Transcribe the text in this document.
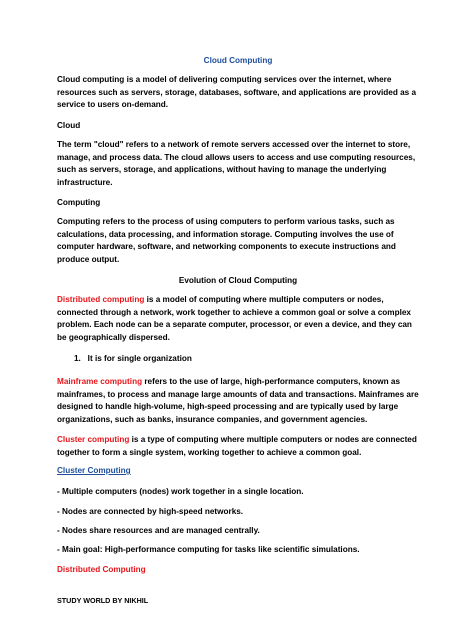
Cloud Computing

Cloud computing is a model of delivering computing services over the internet, where resources such as servers, storage, databases, software, and applications are provided as a service to users on-demand.

Cloud

The term "cloud" refers to a network of remote servers accessed over the internet to store, manage, and process data. The cloud allows users to access and use computing resources, such as servers, storage, and applications, without having to manage the underlying infrastructure.

Computing

Computing refers to the process of using computers to perform various tasks, such as calculations, data processing, and information storage. Computing involves the use of computer hardware, software, and networking components to execute instructions and produce output.

Evolution of Cloud Computing

Distributed computing is a model of computing where multiple computers or nodes, connected through a network, work together to achieve a common goal or solve a complex problem. Each node can be a separate computer, processor, or even a device, and they can be geographically dispersed.

1. It is for single organization

Mainframe computing refers to the use of large, high-performance computers, known as mainframes, to process and manage large amounts of data and transactions. Mainframes are designed to handle high-volume, high-speed processing and are typically used by large organizations, such as banks, insurance companies, and government agencies.

Cluster computing is a type of computing where multiple computers or nodes are connected together to form a single system, working together to achieve a common goal.

Cluster Computing

- Multiple computers (nodes) work together in a single location.

- Nodes are connected by high-speed networks.

- Nodes share resources and are managed centrally.

- Main goal: High-performance computing for tasks like scientific simulations.

Distributed Computing

STUDY WORLD BY NIKHIL
